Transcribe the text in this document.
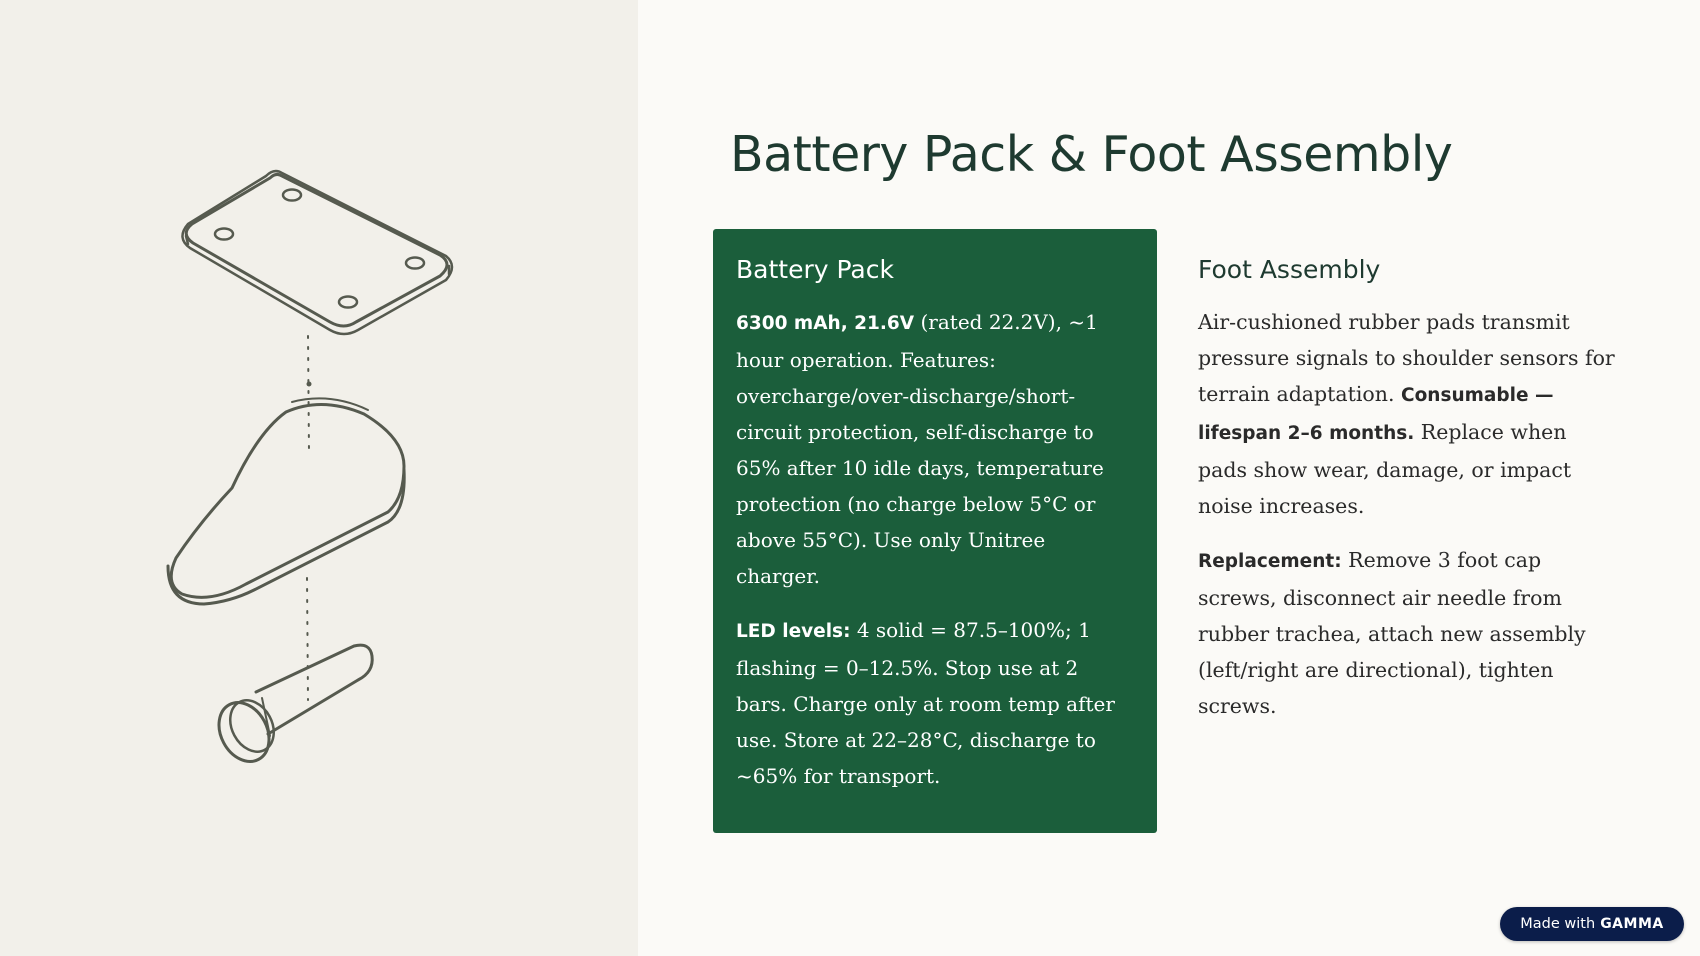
Battery Pack & Foot Assembly
Battery Pack

6300 mAh, 21.6V (rated 22.2V), ~1 hour operation. Features: overcharge/over-discharge/short-circuit protection, self-discharge to 65% after 10 idle days, temperature protection (no charge below 5°C or above 55°C). Use only Unitree charger.

LED levels: 4 solid = 87.5–100%; 1 flashing = 0–12.5%. Stop use at 2 bars. Charge only at room temp after use. Store at 22–28°C, discharge to ~65% for transport.

Foot Assembly

Air-cushioned rubber pads transmit pressure signals to shoulder sensors for terrain adaptation. Consumable — lifespan 2–6 months. Replace when pads show wear, damage, or impact noise increases.

Replacement: Remove 3 foot cap screws, disconnect air needle from rubber trachea, attach new assembly (left/right are directional), tighten screws.

Made with GAMMA
